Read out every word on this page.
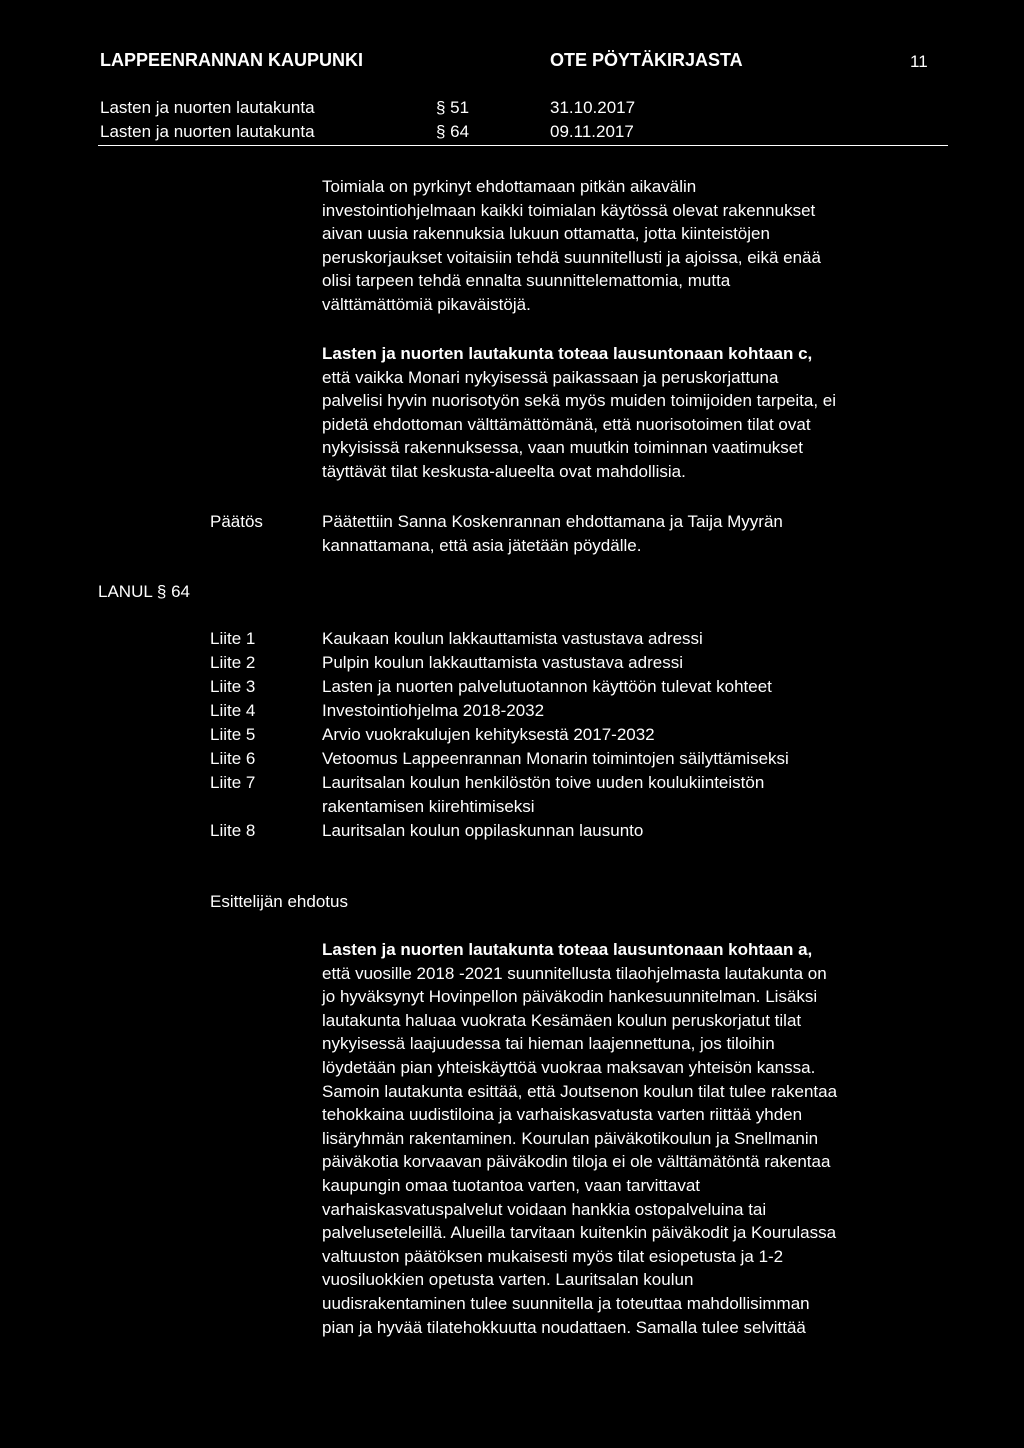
LAPPEENRANNAN KAUPUNKI	OTE PÖYTÄKIRJASTA	11
Lasten ja nuorten lautakunta	§ 51	31.10.2017
Lasten ja nuorten lautakunta	§ 64	09.11.2017

Toimiala on pyrkinyt ehdottamaan pitkän aikavälin

investointiohjelmaan kaikki toimialan käytössä olevat rakennukset

aivan uusia rakennuksia lukuun ottamatta, jotta kiinteistöjen

peruskorjaukset voitaisiin tehdä suunnitellusti ja ajoissa, eikä enää

olisi tarpeen tehdä ennalta suunnittelemattomia, mutta

välttämättömiä pikaväistöjä.

Lasten ja nuorten lautakunta toteaa lausuntonaan kohtaan c,

että vaikka Monari nykyisessä paikassaan ja peruskorjattuna

palvelisi hyvin nuorisotyön sekä myös muiden toimijoiden tarpeita, ei

pidetä ehdottoman välttämättömänä, että nuorisotoimen tilat ovat

nykyisissä rakennuksessa, vaan muutkin toiminnan vaatimukset

täyttävät tilat keskusta-alueelta ovat mahdollisia.

Päätös	Päätettiin Sanna Koskenrannan ehdottamana ja Taija Myyrän

kannattamana, että asia jätetään pöydälle.

LANUL § 64
Liite 1	Kaukaan koulun lakkauttamista vastustava adressi
Liite 2	Pulpin koulun lakkauttamista vastustava adressi
Liite 3	Lasten ja nuorten palvelutuotannon käyttöön tulevat kohteet
Liite 4	Investointiohjelma 2018-2032
Liite 5	Arvio vuokrakulujen kehityksestä 2017-2032
Liite 6	Vetoomus Lappeenrannan Monarin toimintojen säilyttämiseksi
Liite 7	Lauritsalan koulun henkilöstön toive uuden koulukiinteistön
rakentamisen kiirehtimiseksi
Liite 8	Lauritsalan koulun oppilaskunnan lausunto
Esittelijän ehdotus

Lasten ja nuorten lautakunta toteaa lausuntonaan kohtaan a,

että vuosille 2018 -2021 suunnitellusta tilaohjelmasta lautakunta on

jo hyväksynyt Hovinpellon päiväkodin hankesuunnitelman. Lisäksi

lautakunta haluaa vuokrata Kesämäen koulun peruskorjatut tilat

nykyisessä laajuudessa tai hieman laajennettuna, jos tiloihin

löydetään pian yhteiskäyttöä vuokraa maksavan yhteisön kanssa.

Samoin lautakunta esittää, että Joutsenon koulun tilat tulee rakentaa

tehokkaina uudistiloina ja varhaiskasvatusta varten riittää yhden

lisäryhmän rakentaminen. Kourulan päiväkotikoulun ja Snellmanin

päiväkotia korvaavan päiväkodin tiloja ei ole välttämätöntä rakentaa

kaupungin omaa tuotantoa varten, vaan tarvittavat

varhaiskasvatuspalvelut voidaan hankkia ostopalveluina tai

palveluseteleillä. Alueilla tarvitaan kuitenkin päiväkodit ja Kourulassa

valtuuston päätöksen mukaisesti myös tilat esiopetusta ja 1-2

vuosiluokkien opetusta varten. Lauritsalan koulun

uudisrakentaminen tulee suunnitella ja toteuttaa mahdollisimman

pian ja hyvää tilatehokkuutta noudattaen. Samalla tulee selvittää
